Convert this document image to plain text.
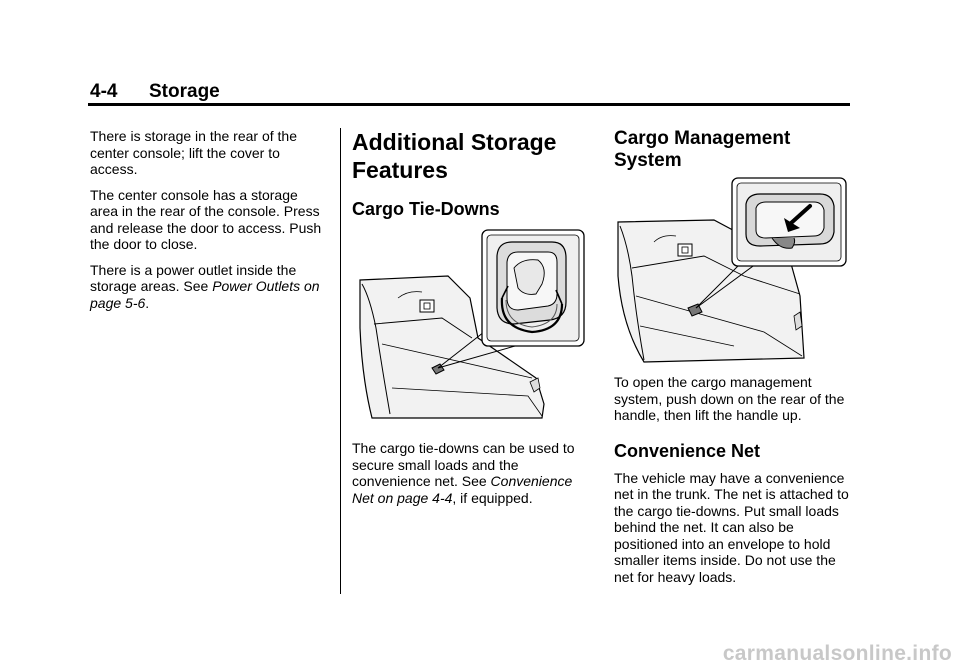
4-4 Storage

There is storage in the rear of the center console; lift the cover to access.

The center console has a storage area in the rear of the console. Press and release the door to access. Push the door to close.

There is a power outlet inside the storage areas. See Power Outlets on page 5-6.

Additional Storage Features
Cargo Tie-Downs

The cargo tie-downs can be used to secure small loads and the convenience net. See Convenience Net on page 4-4, if equipped.

Cargo Management System

To open the cargo management system, push down on the rear of the handle, then lift the handle up.

Convenience Net

The vehicle may have a convenience net in the trunk. The net is attached to the cargo tie-downs. Put small loads behind the net. It can also be positioned into an envelope to hold smaller items inside. Do not use the net for heavy loads.

carmanualsonline.info
